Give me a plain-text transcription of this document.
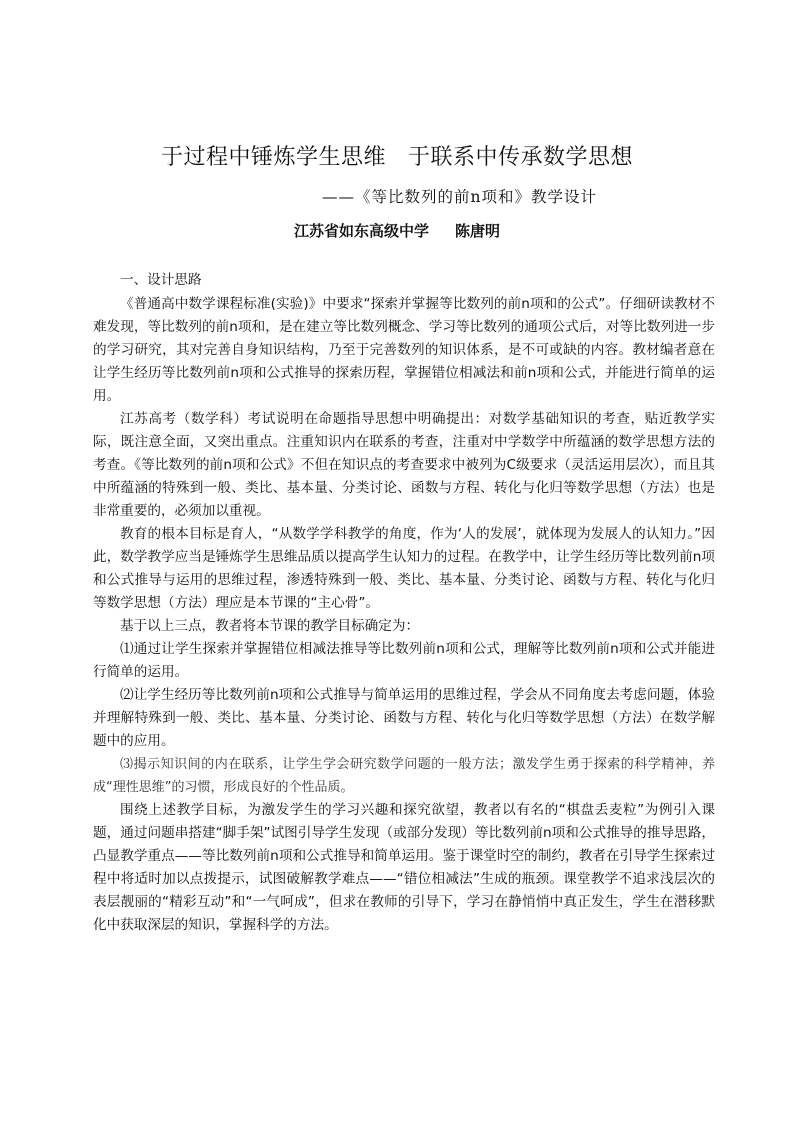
于过程中锤炼学生思维 于联系中传承数学思想
——《等比数列的前n项和》教学设计
江苏省如东高级中学 陈唐明

一、设计思路

《普通高中数学课程标准(实验)》中要求“探索并掌握等比数列的前n项和的公式”。仔细研读教材不难发现，等比数列的前n项和，是在建立等比数列概念、学习等比数列的通项公式后，对等比数列进一步的学习研究，其对完善自身知识结构，乃至于完善数列的知识体系，是不可或缺的内容。教材编者意在让学生经历等比数列前n项和公式推导的探索历程，掌握错位相减法和前n项和公式，并能进行简单的运用。

江苏高考（数学科）考试说明在命题指导思想中明确提出：对数学基础知识的考查，贴近教学实际，既注意全面，又突出重点。注重知识内在联系的考查，注重对中学数学中所蕴涵的数学思想方法的考查。《等比数列的前n项和公式》不但在知识点的考查要求中被列为C级要求（灵活运用层次），而且其中所蕴涵的特殊到一般、类比、基本量、分类讨论、函数与方程、转化与化归等数学思想（方法）也是非常重要的，必须加以重视。

教育的根本目标是育人，“从数学学科教学的角度，作为‘人的发展’，就体现为发展人的认知力。”因此，数学教学应当是锤炼学生思维品质以提高学生认知力的过程。在教学中，让学生经历等比数列前n项和公式推导与运用的思维过程，渗透特殊到一般、类比、基本量、分类讨论、函数与方程、转化与化归等数学思想（方法）理应是本节课的“主心骨”。

基于以上三点，教者将本节课的教学目标确定为：

⑴通过让学生探索并掌握错位相减法推导等比数列前n项和公式，理解等比数列前n项和公式并能进行简单的运用。

⑵让学生经历等比数列前n项和公式推导与简单运用的思维过程，学会从不同角度去考虑问题，体验并理解特殊到一般、类比、基本量、分类讨论、函数与方程、转化与化归等数学思想（方法）在数学解题中的应用。

⑶揭示知识间的内在联系，让学生学会研究数学问题的一般方法；激发学生勇于探索的科学精神，养成“理性思维”的习惯，形成良好的个性品质。

围绕上述教学目标，为激发学生的学习兴趣和探究欲望，教者以有名的“棋盘丢麦粒”为例引入课题，通过问题串搭建“脚手架”试图引导学生发现（或部分发现）等比数列前n项和公式推导的推导思路，凸显教学重点——等比数列前n项和公式推导和简单运用。鉴于课堂时空的制约，教者在引导学生探索过程中将适时加以点拨提示，试图破解教学难点——“错位相减法”生成的瓶颈。课堂教学不追求浅层次的表层靓丽的“精彩互动”和“一气呵成”，但求在教师的引导下，学习在静悄悄中真正发生，学生在潜移默化中获取深层的知识，掌握科学的方法。
